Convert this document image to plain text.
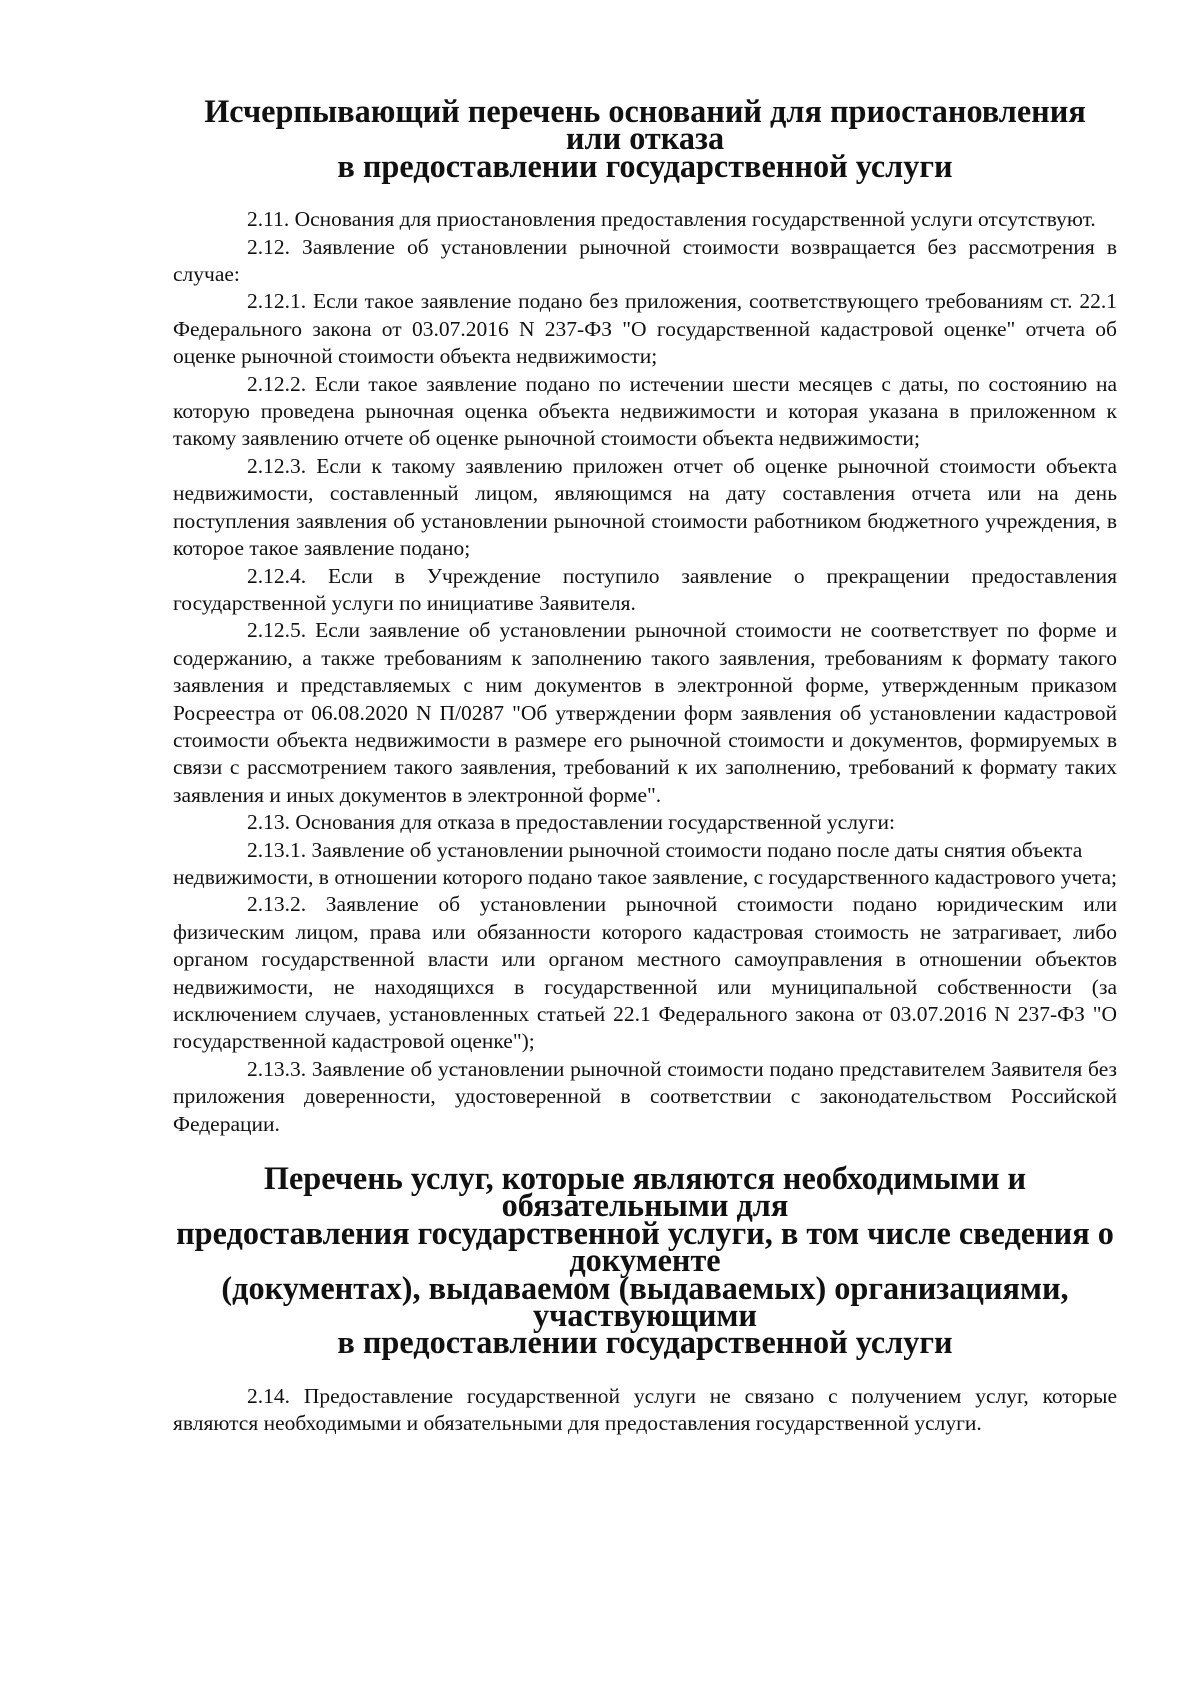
Исчерпывающий перечень оснований для приостановления или отказа
в предоставлении государственной услуги

2.11. Основания для приостановления предоставления государственной услуги отсутствуют.

2.12. Заявление об установлении рыночной стоимости возвращается без рассмотрения в случае:

2.12.1. Если такое заявление подано без приложения, соответствующего требованиям ст. 22.1 Федерального закона от 03.07.2016 N 237-ФЗ "О государственной кадастровой оценке" отчета об оценке рыночной стоимости объекта недвижимости;

2.12.2. Если такое заявление подано по истечении шести месяцев с даты, по состоянию на которую проведена рыночная оценка объекта недвижимости и которая указана в приложенном к такому заявлению отчете об оценке рыночной стоимости объекта недвижимости;

2.12.3. Если к такому заявлению приложен отчет об оценке рыночной стоимости объекта недвижимости, составленный лицом, являющимся на дату составления отчета или на день поступления заявления об установлении рыночной стоимости работником бюджетного учреждения, в которое такое заявление подано;

2.12.4. Если в Учреждение поступило заявление о прекращении предоставления государственной услуги по инициативе Заявителя.

2.12.5. Если заявление об установлении рыночной стоимости не соответствует по форме и содержанию, а также требованиям к заполнению такого заявления, требованиям к формату такого заявления и представляемых с ним документов в электронной форме, утвержденным приказом Росреестра от 06.08.2020 N П/0287 "Об утверждении форм заявления об установлении кадастровой стоимости объекта недвижимости в размере его рыночной стоимости и документов, формируемых в связи с рассмотрением такого заявления, требований к их заполнению, требований к формату таких заявления и иных документов в электронной форме".

2.13. Основания для отказа в предоставлении государственной услуги:

2.13.1. Заявление об установлении рыночной стоимости подано после даты снятия объекта

недвижимости, в отношении которого подано такое заявление, с государственного кадастрового учета;

2.13.2. Заявление об установлении рыночной стоимости подано юридическим или физическим лицом, права или обязанности которого кадастровая стоимость не затрагивает, либо органом государственной власти или органом местного самоуправления в отношении объектов недвижимости, не находящихся в государственной или муниципальной собственности (за исключением случаев, установленных статьей 22.1 Федерального закона от 03.07.2016 N 237-ФЗ "О государственной кадастровой оценке");

2.13.3. Заявление об установлении рыночной стоимости подано представителем Заявителя без приложения доверенности, удостоверенной в соответствии с законодательством Российской Федерации.

Перечень услуг, которые являются необходимыми и обязательными для
предоставления государственной услуги, в том числе сведения о документе
(документах), выдаваемом (выдаваемых) организациями, участвующими
в предоставлении государственной услуги

2.14. Предоставление государственной услуги не связано с получением услуг, которые являются необходимыми и обязательными для предоставления государственной услуги.
